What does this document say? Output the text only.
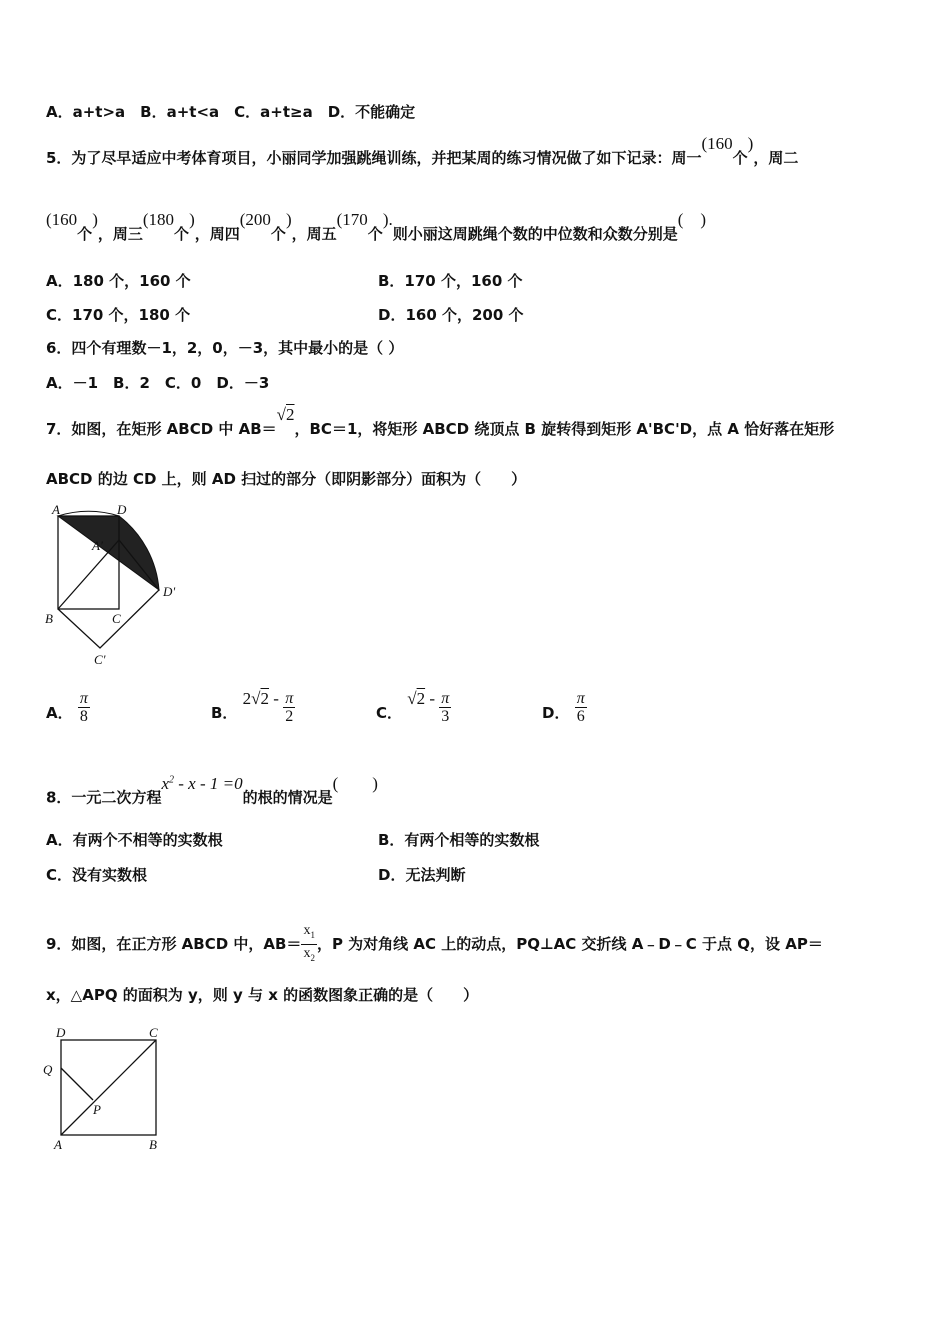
A．a+t>a　B．a+t<a　C．a+t≥a　D．不能确定
5．为了尽早适应中考体育项目，小丽同学加强跳绳训练，并把某周的练习情况做了如下记录：周一(160个)，周二
(160个)，周三(180个)，周四(200个)，周五(170个).则小丽这周跳绳个数的中位数和众数分别是(　)
A．180 个，160 个	B．170 个，160 个
C．170 个，180 个	D．160 个，200 个
6．四个有理数－1，2，0，－3，其中最小的是（ ）
A．－1　B．2　C．0　D．－3
7．如图，在矩形 ABCD 中 AB＝√2，BC＝1，将矩形 ABCD 绕顶点 B 旋转得到矩形 A'BC'D，点 A 恰好落在矩形
ABCD 的边 CD 上，则 AD 扫过的部分（即阴影部分）面积为（　　）
A	D
A'
D'
B	C
C'
A． $\frac{\pi}{8}$	B． $2√2 - \frac{\pi}{2}$	C． $√2 - \frac{\pi}{3}$	D． $\frac{\pi}{6}$
8．一元二次方程$x^2 - x - 1 =0$的根的情况是(　　)
A．有两个不相等的实数根	B．有两个相等的实数根
C．没有实数根	D．无法判断
9．如图，在正方形 ABCD 中，$AB= \frac{x_1}{x_2}$ ，P 为对角线 AC 上的动点，PQ⊥AC 交折线 A﹣D﹣C 于点 Q，设 AP＝
x，△APQ 的面积为 y，则 y 与 x 的函数图象正确的是（　　）
D	C
Q
P
A	B
